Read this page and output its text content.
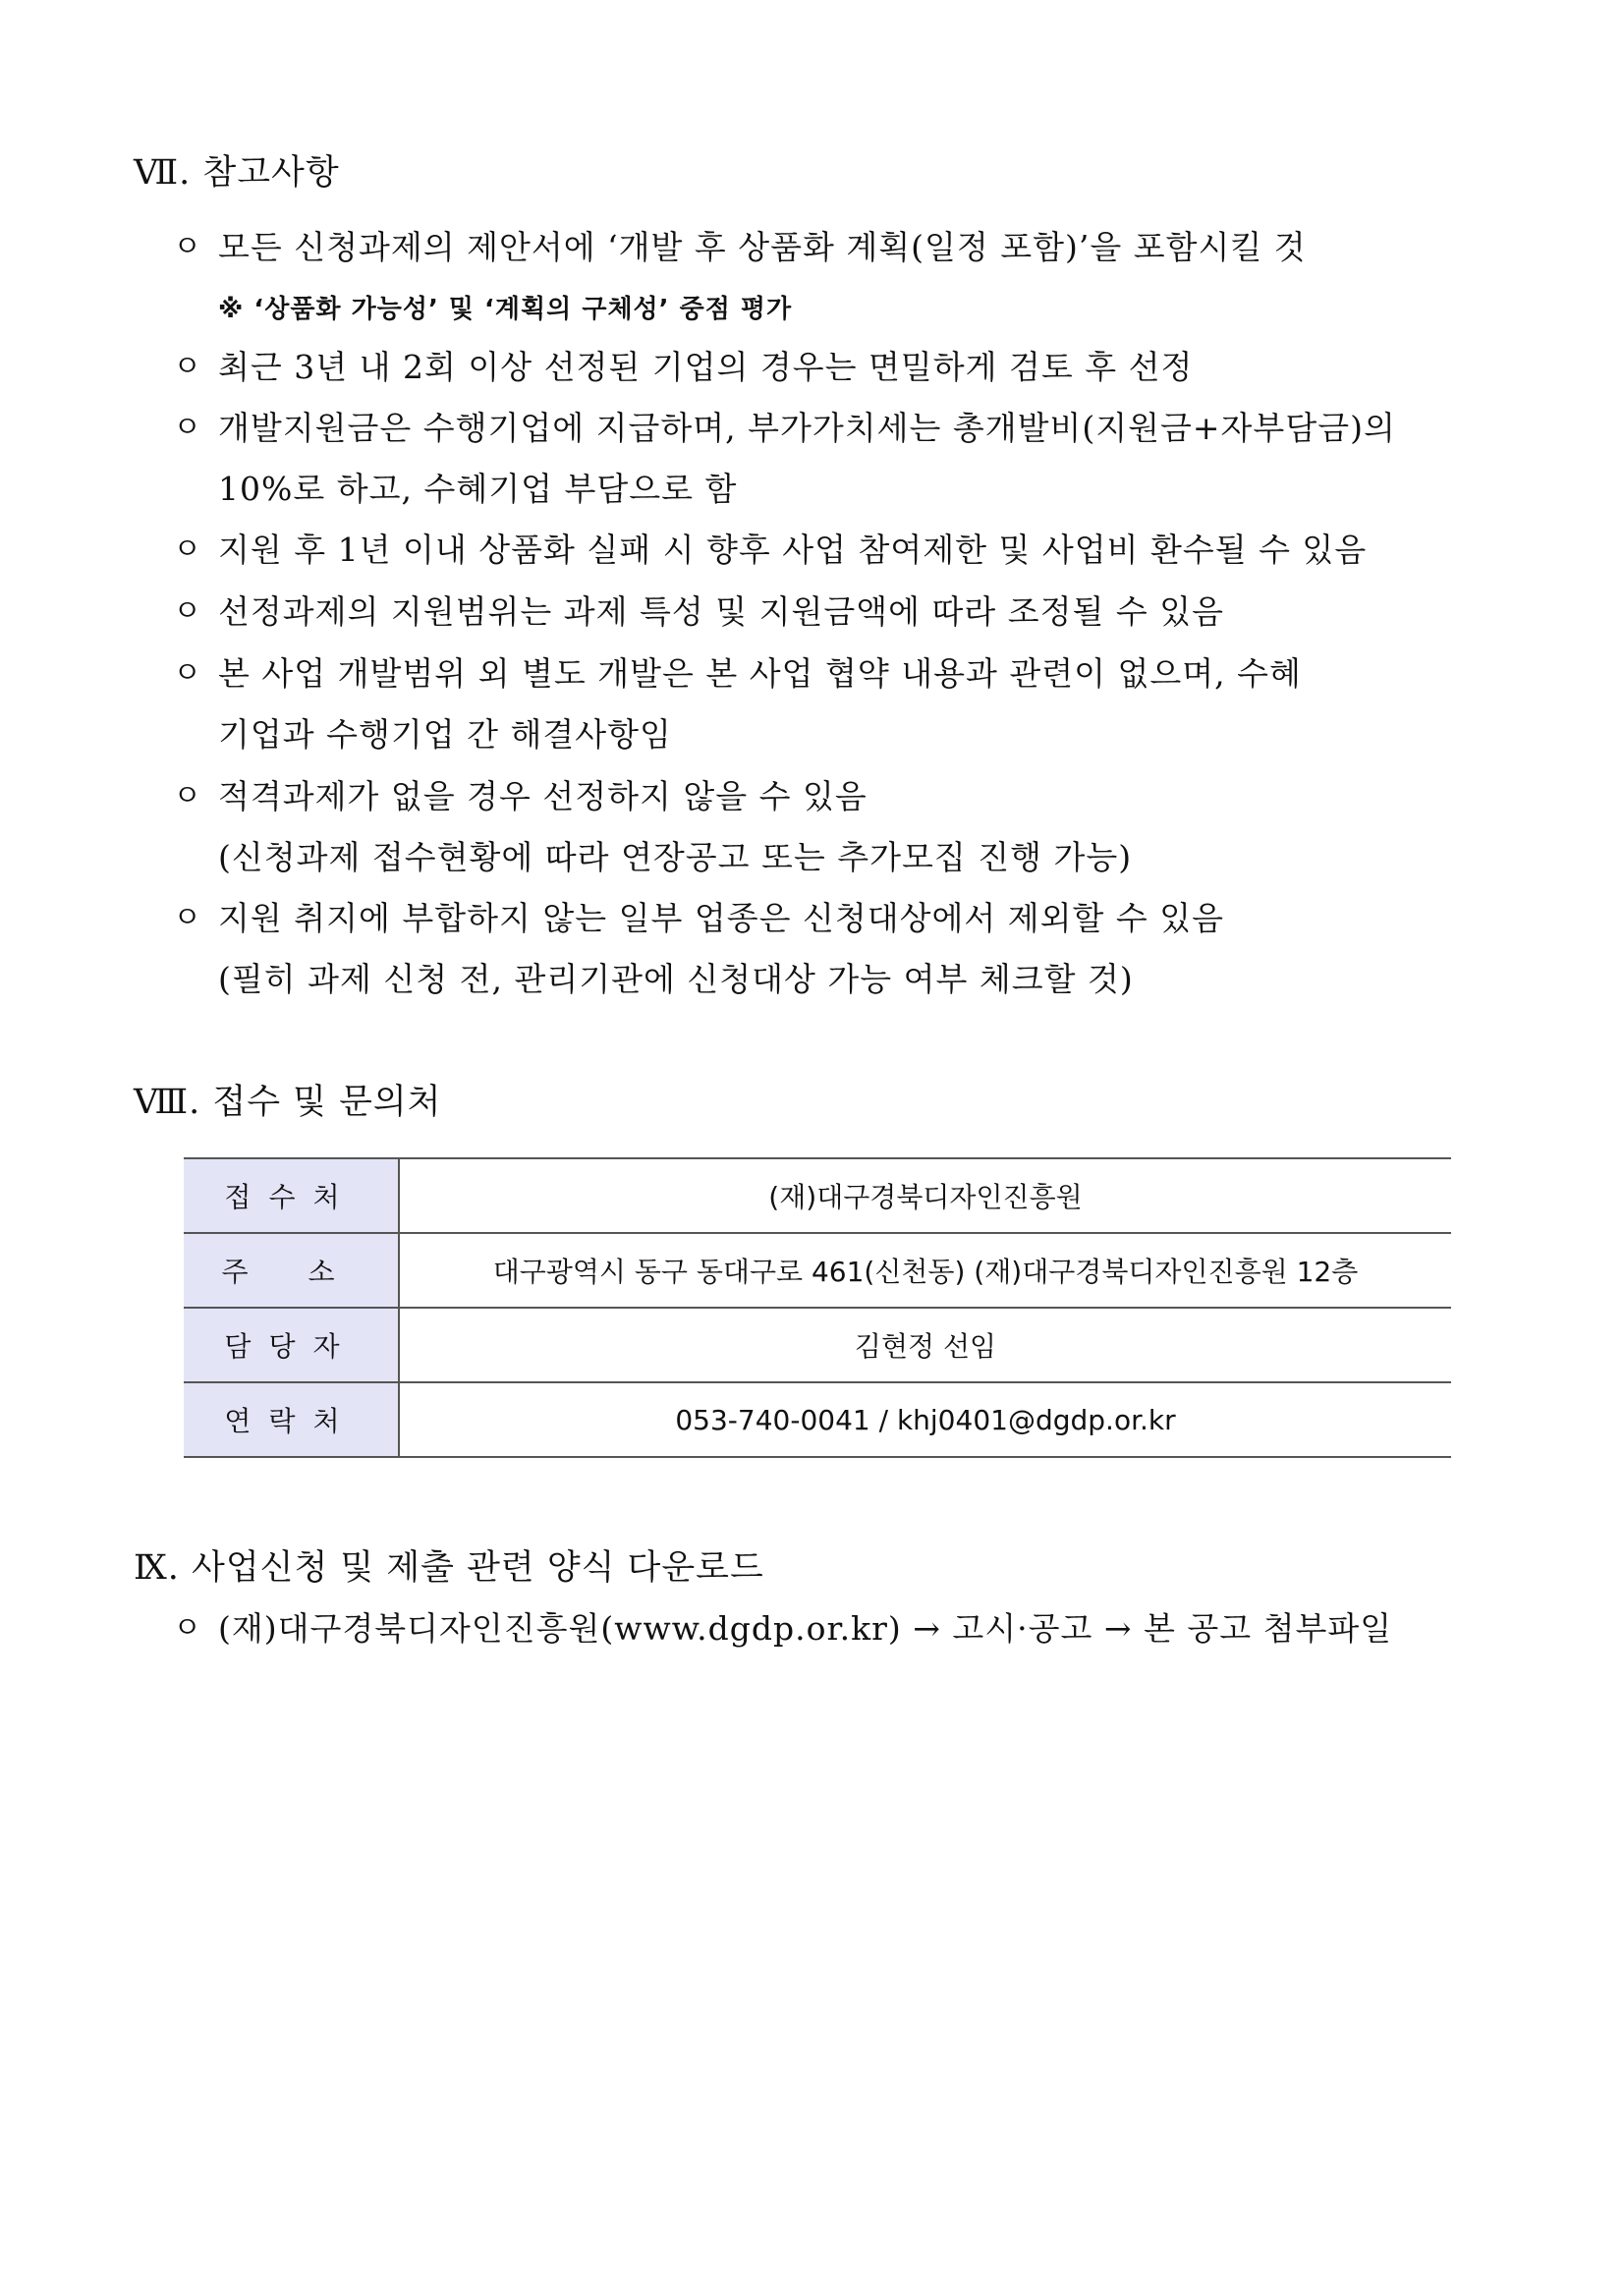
Ⅶ. 참고사항
ㅇ 모든 신청과제의 제안서에 ‘개발 후 상품화 계획(일정 포함)’을 포함시킬 것
※ ‘상품화 가능성’ 및 ‘계획의 구체성’ 중점 평가
ㅇ 최근 3년 내 2회 이상 선정된 기업의 경우는 면밀하게 검토 후 선정
ㅇ 개발지원금은 수행기업에 지급하며, 부가가치세는 총개발비(지원금+자부담금)의
10%로 하고, 수혜기업 부담으로 함
ㅇ 지원 후 1년 이내 상품화 실패 시 향후 사업 참여제한 및 사업비 환수될 수 있음
ㅇ 선정과제의 지원범위는 과제 특성 및 지원금액에 따라 조정될 수 있음
ㅇ 본 사업 개발범위 외 별도 개발은 본 사업 협약 내용과 관련이 없으며, 수혜
기업과 수행기업 간 해결사항임
ㅇ 적격과제가 없을 경우 선정하지 않을 수 있음
(신청과제 접수현황에 따라 연장공고 또는 추가모집 진행 가능)
ㅇ 지원 취지에 부합하지 않는 일부 업종은 신청대상에서 제외할 수 있음
(필히 과제 신청 전, 관리기관에 신청대상 가능 여부 체크할 것)
Ⅷ. 접수 및 문의처
접수처	(재)대구경북디자인진흥원
주 소	대구광역시 동구 동대구로 461(신천동) (재)대구경북디자인진흥원 12층
담당자	김현정 선임
연락처	053-740-0041 / khj0401@dgdp.or.kr
Ⅸ. 사업신청 및 제출 관련 양식 다운로드
ㅇ (재)대구경북디자인진흥원(www.dgdp.or.kr) → 고시·공고 → 본 공고 첨부파일
